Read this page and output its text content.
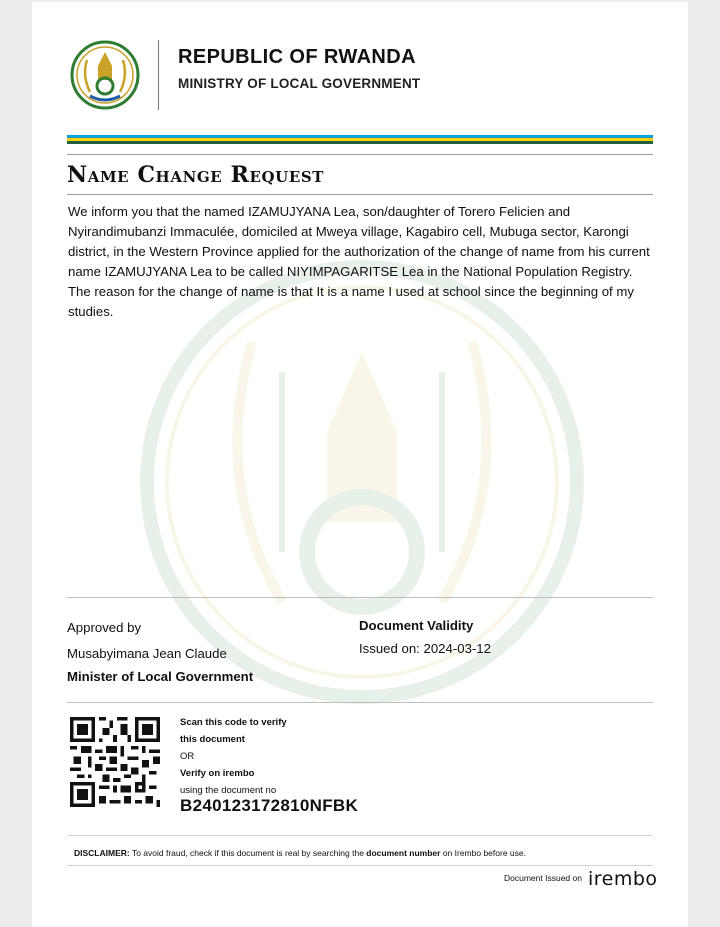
REPUBLIC OF RWANDA
MINISTRY OF LOCAL GOVERNMENT
Name Change Request
We inform you that the named IZAMUJYANA Lea, son/daughter of Torero Felicien and Nyirandimubanzi Immaculée, domiciled at Mweya village, Kagabiro cell, Mubuga sector, Karongi district, in the Western Province applied for the authorization of the change of name from his current name IZAMUJYANA Lea to be called NIYIMPAGARITSE Lea in the National Population Registry. The reason for the change of name is that It is a name I used at school since the beginning of my studies.
Approved by
Musabyimana Jean Claude
Minister of Local Government
Document Validity
Issued on: 2024-03-12
Scan this code to verify
this document
OR
Verify on irembo
using the document no
B240123172810NFBK
DISCLAIMER: To avoid fraud, check if this document is real by searching the document number on Irembo before use.
Document Issued on irembo
